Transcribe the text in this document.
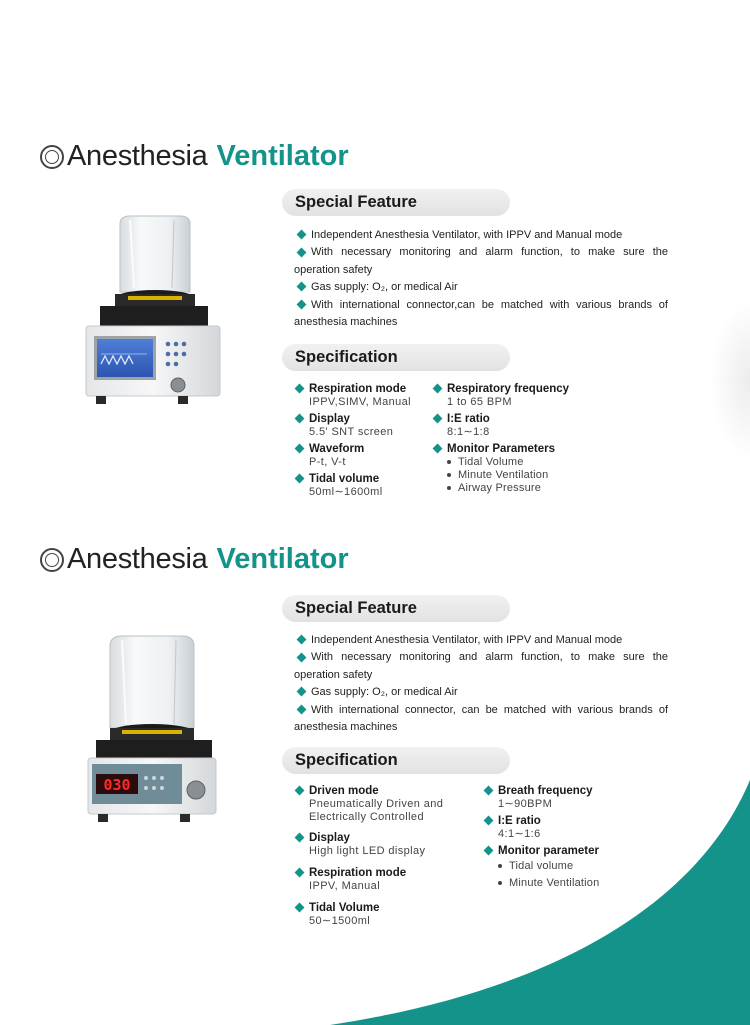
Anesthesia Ventilator
Special Feature
Independent Anesthesia Ventilator, with IPPV and Manual mode
With necessary monitoring and alarm function, to make sure the operation safety
Gas supply: O₂, or medical Air
With international connector,can be matched with various brands of anesthesia machines
Specification
Respiration mode
IPPV,SIMV, Manual
Display
5.5' SNT screen
Waveform
P-t, V-t
Tidal volume
50ml∼1600ml
Respiratory frequency
1 to 65 BPM
I:E ratio
8:1∼1:8
Monitor Parameters
Tidal Volume
Minute Ventilation
Airway Pressure
Anesthesia Ventilator
030
Special Feature
Independent Anesthesia Ventilator, with IPPV and Manual mode
With necessary monitoring and alarm function, to make sure the operation safety
Gas supply: O₂, or medical Air
With international connector, can be matched with various brands of anesthesia machines
Specification
Driven mode
Pneumatically Driven and
Electrically Controlled
Display
High light LED display
Respiration mode
IPPV, Manual
Tidal Volume
50∼1500ml
Breath frequency
1∼90BPM
I:E ratio
4:1∼1:6
Monitor parameter
Tidal volume
Minute Ventilation
